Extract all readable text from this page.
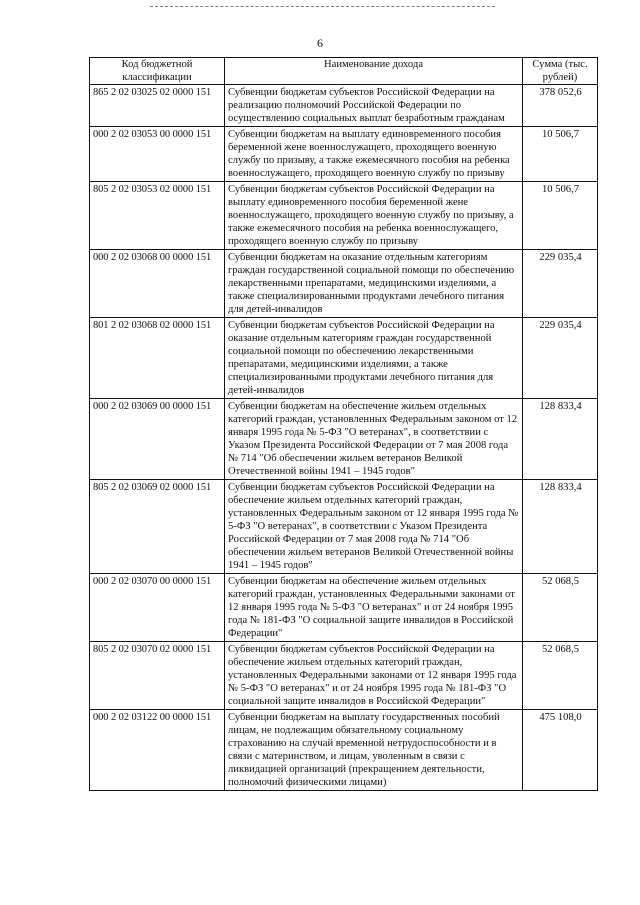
6
Код бюджетной классификации	Наименование дохода	Сумма (тыс. рублей)
865 2 02 03025 02 0000 151	Субвенции бюджетам субъектов Российской Федерации на реализацию полномочий Российской Федерации по осуществлению социальных выплат безработным гражданам	378 052,6
000 2 02 03053 00 0000 151	Субвенции бюджетам на выплату единовременного пособия беременной жене военнослужащего, проходящего военную службу по призыву, а также ежемесячного пособия на ребенка военнослужащего, проходящего военную службу по призыву	10 506,7
805 2 02 03053 02 0000 151	Субвенции бюджетам субъектов Российской Федерации на выплату единовременного пособия беременной жене военнослужащего, проходящего военную службу по призыву, а также ежемесячного пособия на ребенка военнослужащего, проходящего военную службу по призыву	10 506,7
000 2 02 03068 00 0000 151	Субвенции бюджетам на оказание отдельным категориям граждан государственной социальной помощи по обеспечению лекарственными препаратами, медицинскими изделиями, а также специализированными продуктами лечебного питания для детей-инвалидов	229 035,4
801 2 02 03068 02 0000 151	Субвенции бюджетам субъектов Российской Федерации на оказание отдельным категориям граждан государственной социальной помощи по обеспечению лекарственными препаратами, медицинскими изделиями, а также специализированными продуктами лечебного питания для детей-инвалидов	229 035,4
000 2 02 03069 00 0000 151	Субвенции бюджетам на обеспечение жильем отдельных категорий граждан, установленных Федеральным законом от 12 января 1995 года № 5-ФЗ "О ветеранах", в соответствии с Указом Президента Российской Федерации от 7 мая 2008 года № 714 "Об обеспечении жильем ветеранов Великой Отечественной войны 1941 – 1945 годов"	128 833,4
805 2 02 03069 02 0000 151	Субвенции бюджетам субъектов Российской Федерации на обеспечение жильем отдельных категорий граждан, установленных Федеральным законом от 12 января 1995 года № 5-ФЗ "О ветеранах", в соответствии с Указом Президента Российской Федерации от 7 мая 2008 года № 714 "Об обеспечении жильем ветеранов Великой Отечественной войны 1941 – 1945 годов"	128 833,4
000 2 02 03070 00 0000 151	Субвенции бюджетам на обеспечение жильем отдельных категорий граждан, установленных Федеральными законами от 12 января 1995 года № 5-ФЗ "О ветеранах" и от 24 ноября 1995 года № 181-ФЗ "О социальной защите инвалидов в Российской Федерации"	52 068,5
805 2 02 03070 02 0000 151	Субвенции бюджетам субъектов Российской Федерации на обеспечение жильем отдельных категорий граждан, установленных Федеральными законами от 12 января 1995 года № 5-ФЗ "О ветеранах" и от 24 ноября 1995 года № 181-ФЗ "О социальной защите инвалидов в Российской Федерации"	52 068,5
000 2 02 03122 00 0000 151	Субвенции бюджетам на выплату государственных пособий лицам, не подлежащим обязательному социальному страхованию на случай временной нетрудоспособности и в связи с материнством, и лицам, уволенным в связи с ликвидацией организаций (прекращением деятельности, полномочий физическими лицами)	475 108,0
